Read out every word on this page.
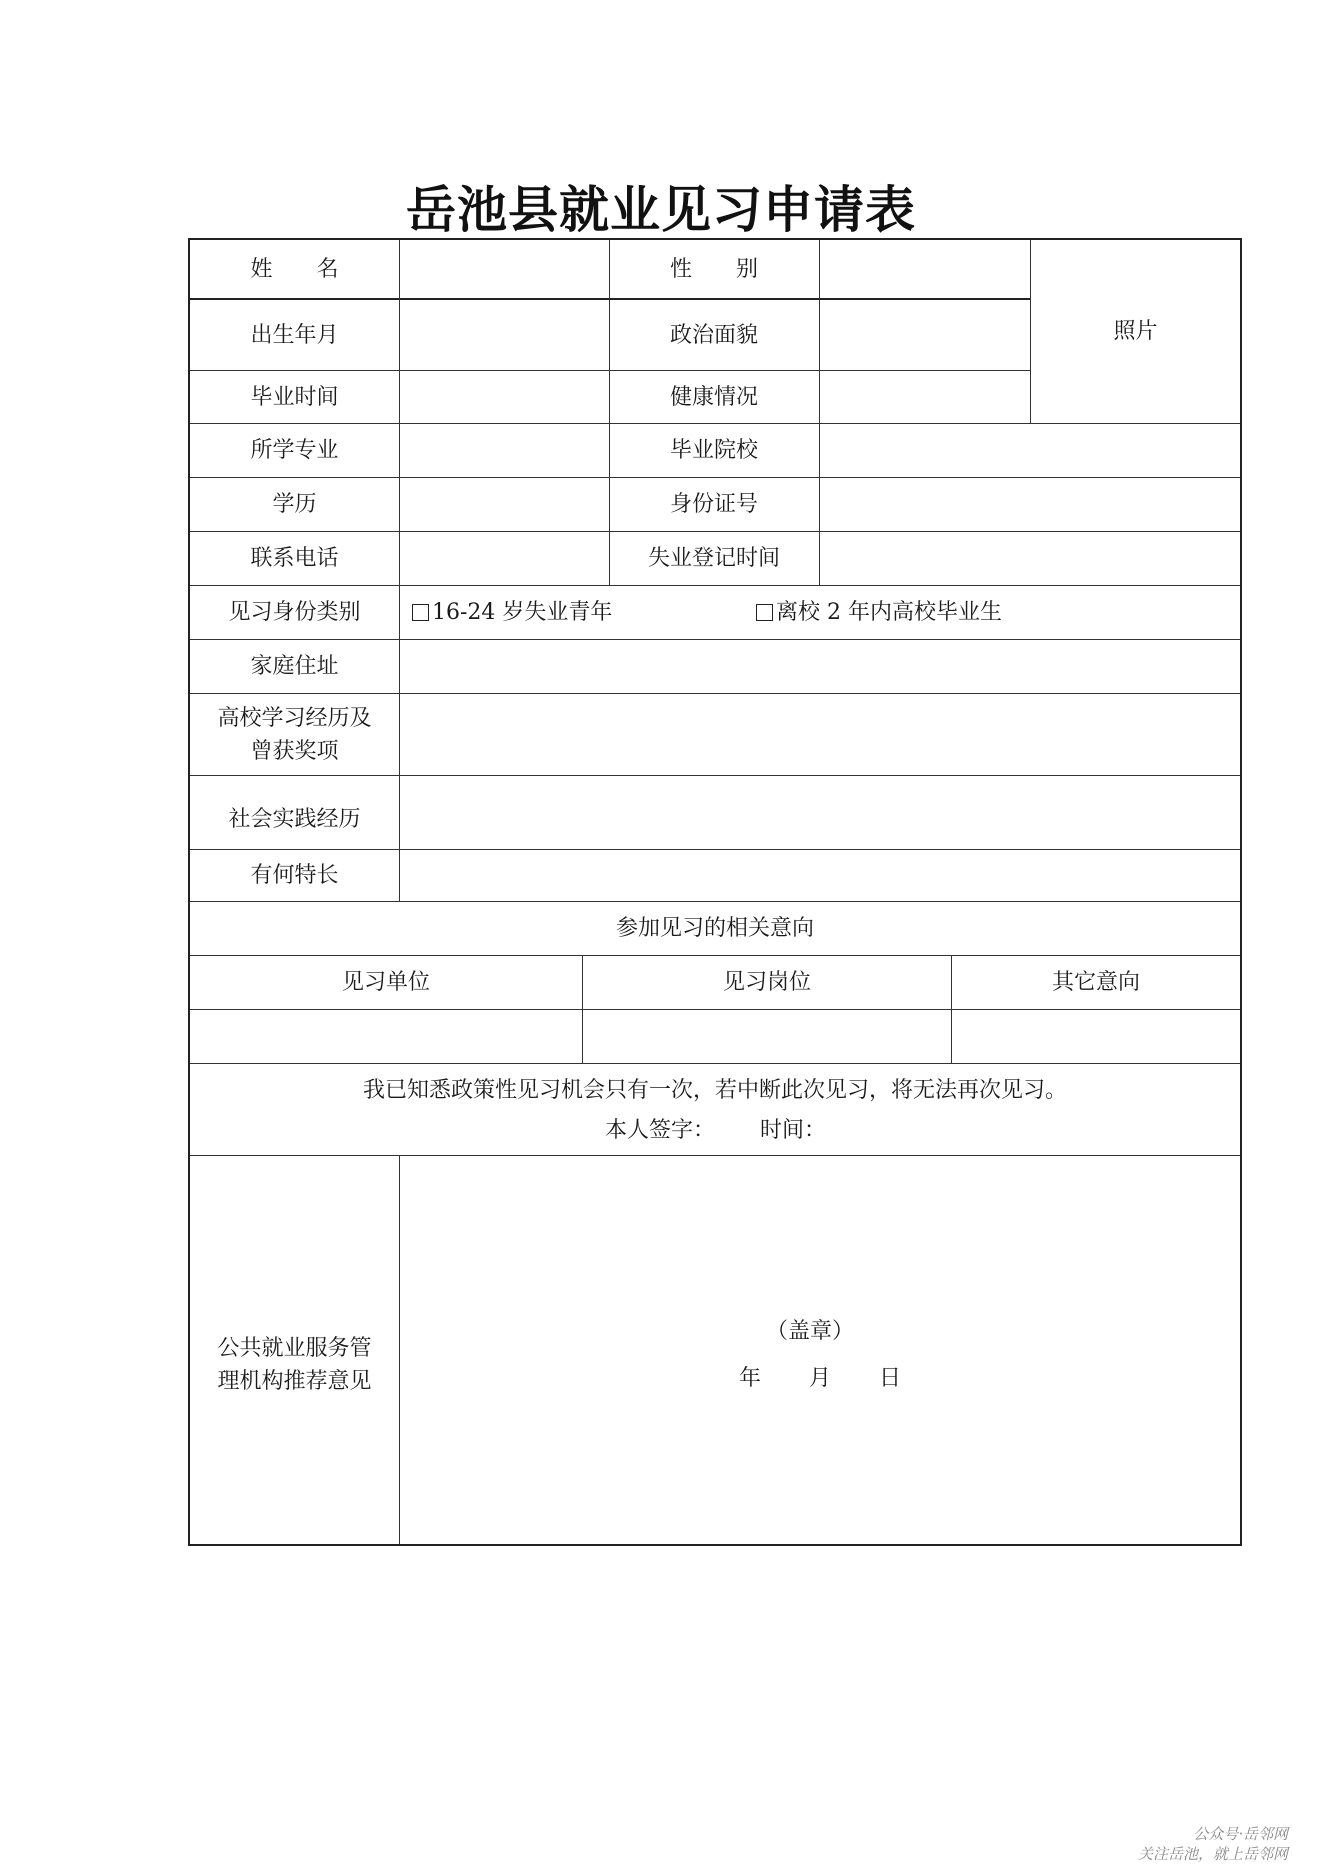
岳池县就业见习申请表
姓　　名	性　　别
照片
出生年月	政治面貌
毕业时间	健康情况
所学专业	毕业院校
学历	身份证号
联系电话	失业登记时间
见习身份类别	16-24 岁失业青年	离校 2 年内高校毕业生
家庭住址
高校学习经历及
曾获奖项
社会实践经历
有何特长
参加见习的相关意向
见习单位	见习岗位	其它意向
我已知悉政策性见习机会只有一次，若中断此次见习，将无法再次见习。
本人签字：	时间：
公共就业服务管
理机构推荐意见
（盖章）
年	月	日
公众号·岳邻网
关注岳池，就上岳邻网
